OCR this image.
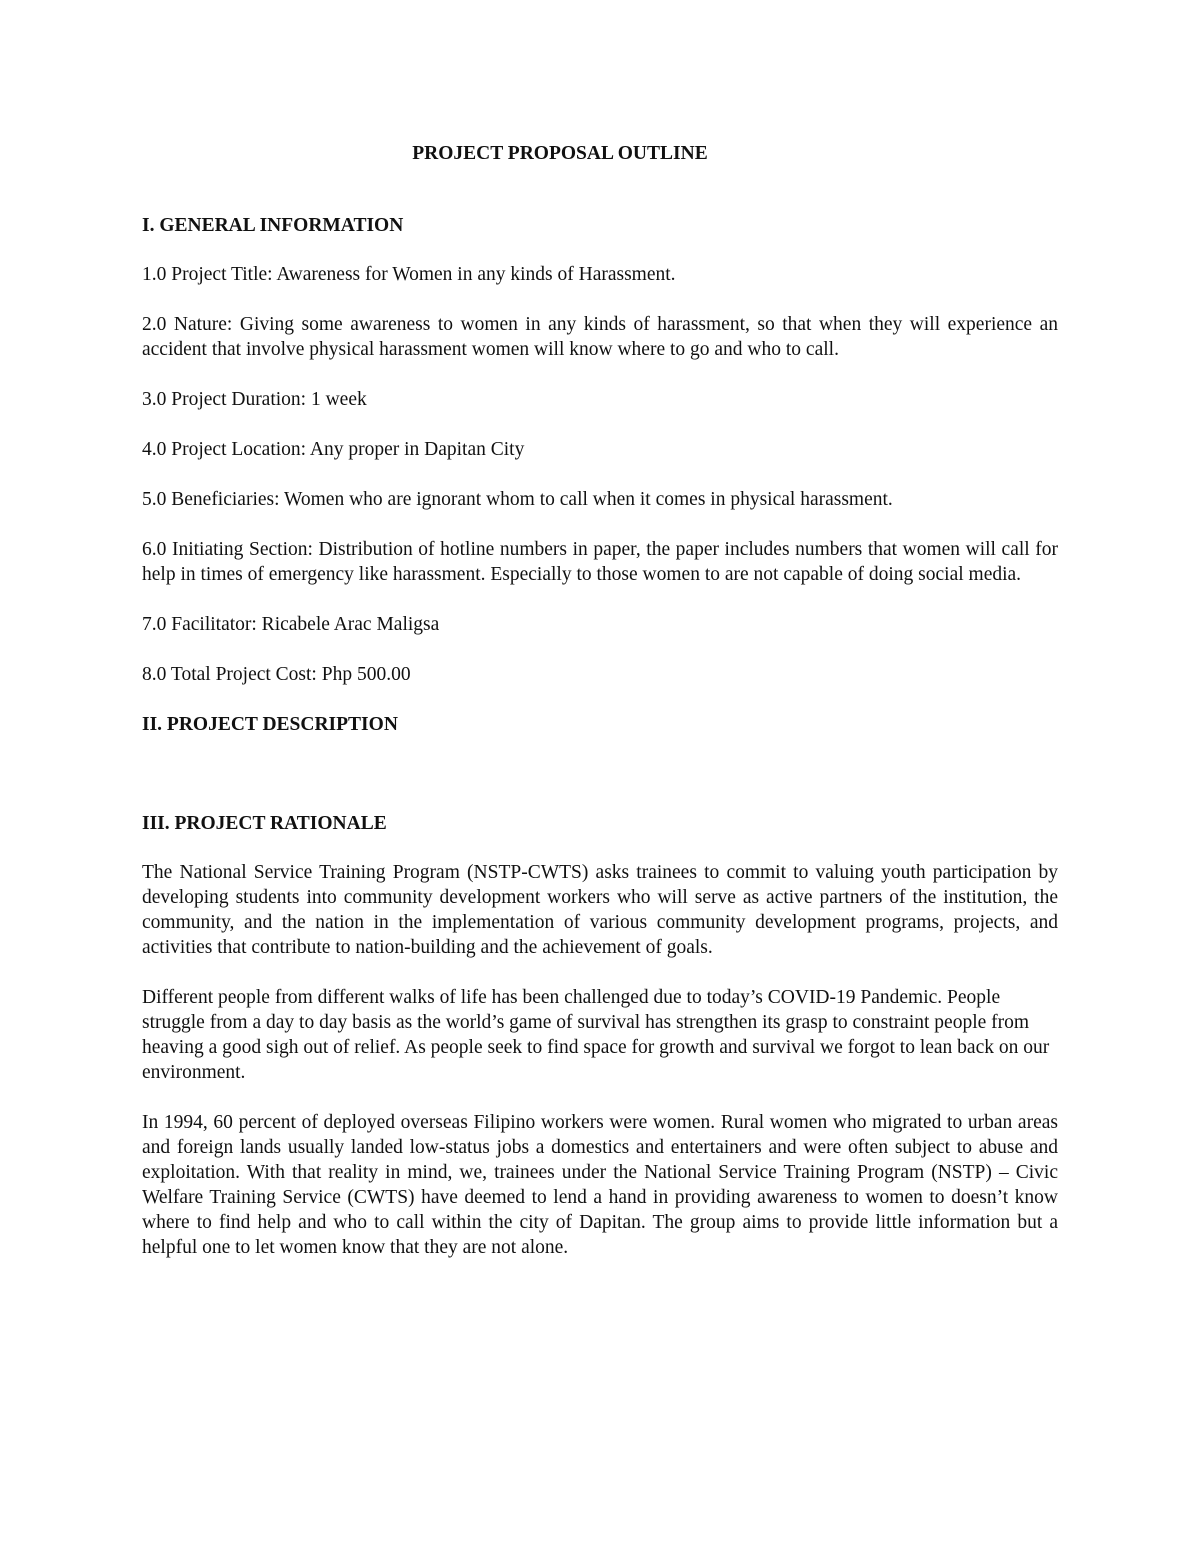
PROJECT PROPOSAL OUTLINE
I. GENERAL INFORMATION

1.0 Project Title: Awareness for Women in any kinds of Harassment.

2.0 Nature: Giving some awareness to women in any kinds of harassment, so that when they will experience an accident that involve physical harassment women will know where to go and who to call.

3.0 Project Duration: 1 week

4.0 Project Location: Any proper in Dapitan City

5.0 Beneficiaries: Women who are ignorant whom to call when it comes in physical harassment.

6.0 Initiating Section: Distribution of hotline numbers in paper, the paper includes numbers that women will call for help in times of emergency like harassment. Especially to those women to are not capable of doing social media.

7.0 Facilitator: Ricabele Arac Maligsa

8.0 Total Project Cost: Php 500.00

II. PROJECT DESCRIPTION
III. PROJECT RATIONALE

The National Service Training Program (NSTP-CWTS) asks trainees to commit to valuing youth participation by developing students into community development workers who will serve as active partners of the institution, the community, and the nation in the implementation of various community development programs, projects, and activities that contribute to nation-building and the achievement of goals.

Different people from different walks of life has been challenged due to today’s COVID-19 Pandemic. People struggle from a day to day basis as the world’s game of survival has strengthen its grasp to constraint people from heaving a good sigh out of relief. As people seek to find space for growth and survival we forgot to lean back on our environment.

In 1994, 60 percent of deployed overseas Filipino workers were women. Rural women who migrated to urban areas and foreign lands usually landed low-status jobs a domestics and entertainers and were often subject to abuse and exploitation. With that reality in mind, we, trainees under the National Service Training Program (NSTP) – Civic Welfare Training Service (CWTS) have deemed to lend a hand in providing awareness to women to doesn’t know where to find help and who to call within the city of Dapitan. The group aims to provide little information but a helpful one to let women know that they are not alone.
